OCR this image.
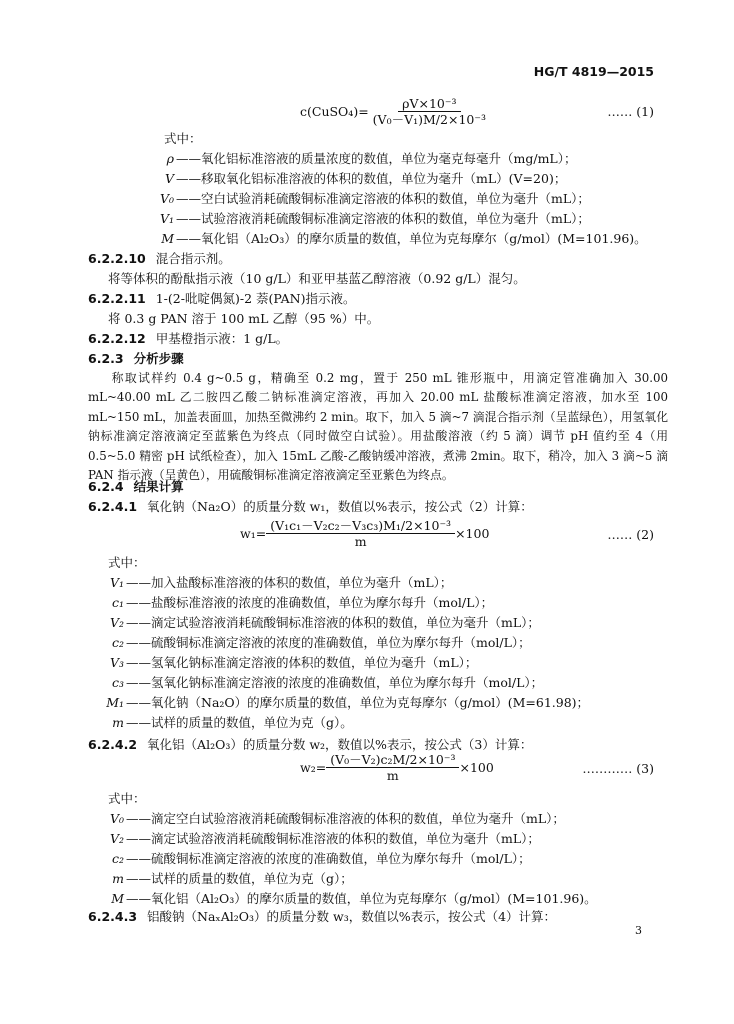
HG/T 4819—2015
c(CuSO₄)= $\frac{\text{ρV×10⁻³}}{\text{(V₀－V₁)M/2×10⁻³}}$	…… (1)
式中：
ρ ——氧化铝标准溶液的质量浓度的数值，单位为毫克每毫升（mg/mL）；
V ——移取氧化铝标准溶液的体积的数值，单位为毫升（mL）(V=20)；
V₀ ——空白试验消耗硫酸铜标准滴定溶液的体积的数值，单位为毫升（mL）；
V₁ ——试验溶液消耗硫酸铜标准滴定溶液的体积的数值，单位为毫升（mL）；
M ——氧化铝（Al₂O₃）的摩尔质量的数值，单位为克每摩尔（g/mol）(M=101.96)。
6.2.2.10 混合指示剂。
将等体积的酚酞指示液（10 g/L）和亚甲基蓝乙醇溶液（0.92 g/L）混匀。
6.2.2.11 1-(2-吡啶偶氮)-2 萘(PAN)指示液。
将 0.3 g PAN 溶于 100 mL 乙醇（95 %）中。
6.2.2.12 甲基橙指示液：1 g/L。
6.2.3 分析步骤
称取试样约 0.4 g~0.5 g，精确至 0.2 mg，置于 250 mL 锥形瓶中，用滴定管准确加入 30.00 mL~40.00 mL 乙二胺四乙酸二钠标准滴定溶液，再加入 20.00 mL 盐酸标准滴定溶液，加水至 100 mL~150 mL，加盖表面皿，加热至微沸约 2 min。取下，加入 5 滴~7 滴混合指示剂（呈蓝绿色），用氢氧化钠标准滴定溶液滴定至蓝紫色为终点（同时做空白试验）。用盐酸溶液（约 5 滴）调节 pH 值约至 4（用 0.5~5.0 精密 pH 试纸检查），加入 15mL 乙酸-乙酸钠缓冲溶液，煮沸 2min。取下，稍冷，加入 3 滴~5 滴 PAN 指示液（呈黄色），用硫酸铜标准滴定溶液滴定至亚紫色为终点。
6.2.4 结果计算
6.2.4.1 氧化钠（Na₂O）的质量分数 w₁，数值以%表示，按公式（2）计算：
$w_1= \frac{\text{(V₁c₁－V₂c₂－V₃c₃)M₁/2×10⁻³}}{m} \times 100$	…… (2)
式中：
V₁ ——加入盐酸标准溶液的体积的数值，单位为毫升（mL）；
c₁ ——盐酸标准溶液的浓度的准确数值，单位为摩尔每升（mol/L）；
V₂ ——滴定试验溶液消耗硫酸铜标准溶液的体积的数值，单位为毫升（mL）；
c₂ ——硫酸铜标准滴定溶液的浓度的准确数值，单位为摩尔每升（mol/L）；
V₃ ——氢氧化钠标准滴定溶液的体积的数值，单位为毫升（mL）；
c₃ ——氢氧化钠标准滴定溶液的浓度的准确数值，单位为摩尔每升（mol/L）；
M₁ ——氧化钠（Na₂O）的摩尔质量的数值，单位为克每摩尔（g/mol）(M=61.98)；
m ——试样的质量的数值，单位为克（g）。
6.2.4.2 氧化铝（Al₂O₃）的质量分数 w₂，数值以%表示，按公式（3）计算：
$w_2= \frac{\text{(V₀－V₂)c₂M/2×10⁻³}}{m} \times 100$	………… (3)
式中：
V₀ ——滴定空白试验溶液消耗硫酸铜标准溶液的体积的数值，单位为毫升（mL）；
V₂ ——滴定试验溶液消耗硫酸铜标准溶液的体积的数值，单位为毫升（mL）；
c₂ ——硫酸铜标准滴定溶液的浓度的准确数值，单位为摩尔每升（mol/L）；
m ——试样的质量的数值，单位为克（g）；
M ——氧化铝（Al₂O₃）的摩尔质量的数值，单位为克每摩尔（g/mol）(M=101.96)。
6.2.4.3 铝酸钠（NaₓAl₂O₃）的质量分数 w₃，数值以%表示，按公式（4）计算：
3
